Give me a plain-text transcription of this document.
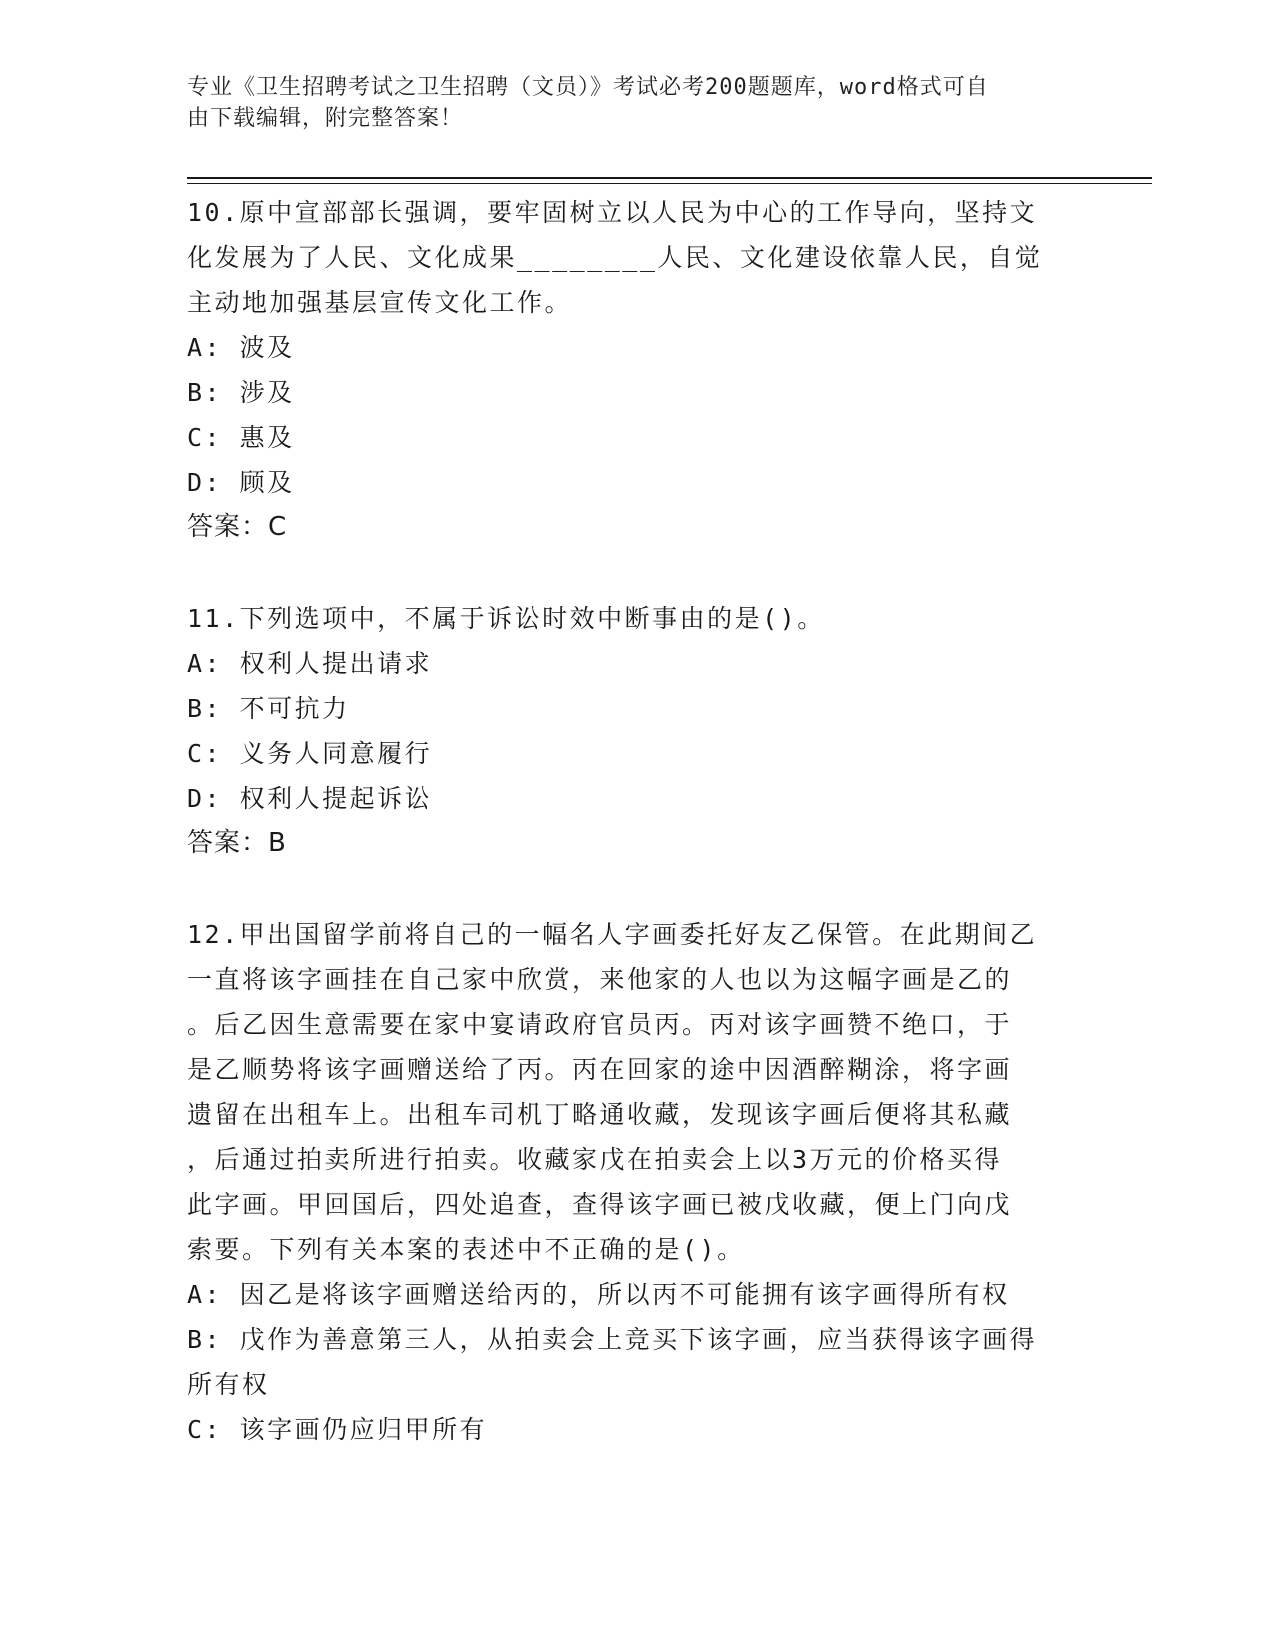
专业《卫生招聘考试之卫生招聘（文员）》考试必考200题题库，word格式可自
由下载编辑，附完整答案！
10.原中宣部部长强调，要牢固树立以人民为中心的工作导向，坚持文
化发展为了人民、文化成果________人民、文化建设依靠人民，自觉
主动地加强基层宣传文化工作。
A: 波及
B: 涉及
C: 惠及
D: 顾及
答案：C
11.下列选项中，不属于诉讼时效中断事由的是()。
A: 权利人提出请求
B: 不可抗力
C: 义务人同意履行
D: 权利人提起诉讼
答案：B
12.甲出国留学前将自己的一幅名人字画委托好友乙保管。在此期间乙
一直将该字画挂在自己家中欣赏，来他家的人也以为这幅字画是乙的
。后乙因生意需要在家中宴请政府官员丙。丙对该字画赞不绝口，于
是乙顺势将该字画赠送给了丙。丙在回家的途中因酒醉糊涂，将字画
遗留在出租车上。出租车司机丁略通收藏，发现该字画后便将其私藏
，后通过拍卖所进行拍卖。收藏家戊在拍卖会上以3万元的价格买得
此字画。甲回国后，四处追查，查得该字画已被戊收藏，便上门向戊
索要。下列有关本案的表述中不正确的是()。
A: 因乙是将该字画赠送给丙的，所以丙不可能拥有该字画得所有权
B: 戊作为善意第三人，从拍卖会上竞买下该字画，应当获得该字画得
所有权
C: 该字画仍应归甲所有
